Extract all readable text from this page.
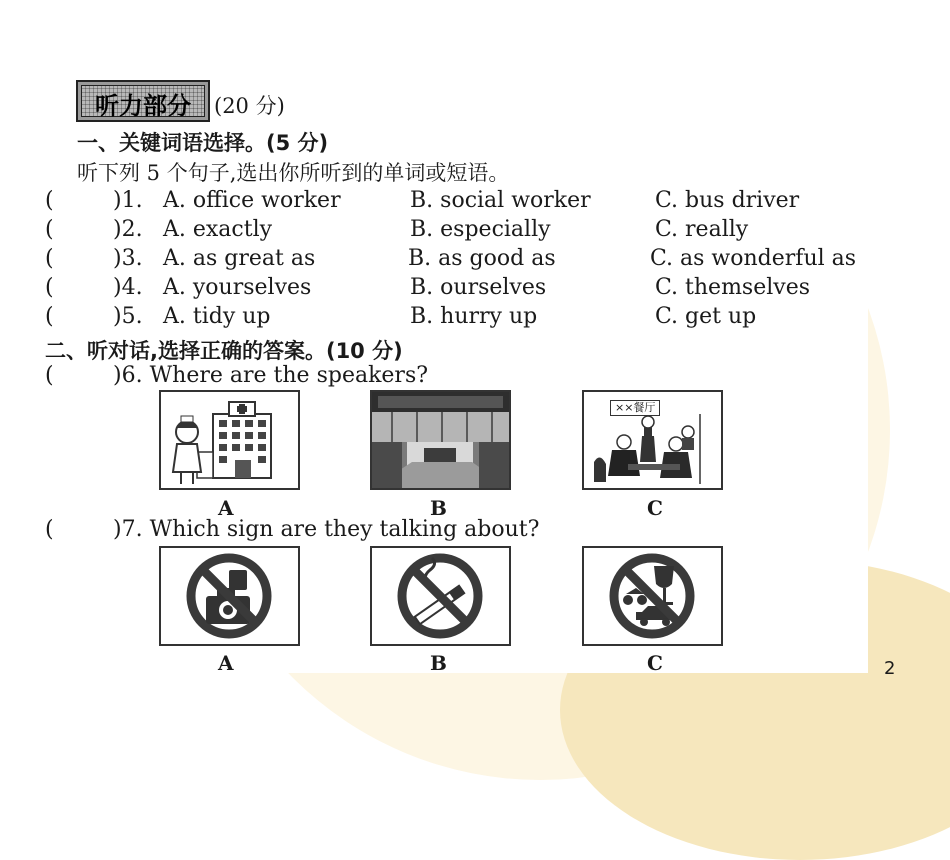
听力部分	(20 分)
一、关键词语选择。(5 分)
听下列 5 个句子,选出你所听到的单词或短语。
(	)1. A. office worker	B. social worker	C. bus driver
(	)2. A. exactly	B. especially	C. really
(	)3. A. as great as	B. as good as	C. as wonderful as
(	)4. A. yourselves	B. ourselves	C. themselves
(	)5. A. tidy up	B. hurry up	C. get up
二、听对话,选择正确的答案。(10 分)
(	)6. Where are the speakers?
A	B
××餐厅
C
(	)7. Which sign are they talking about?
A	B	C	2
